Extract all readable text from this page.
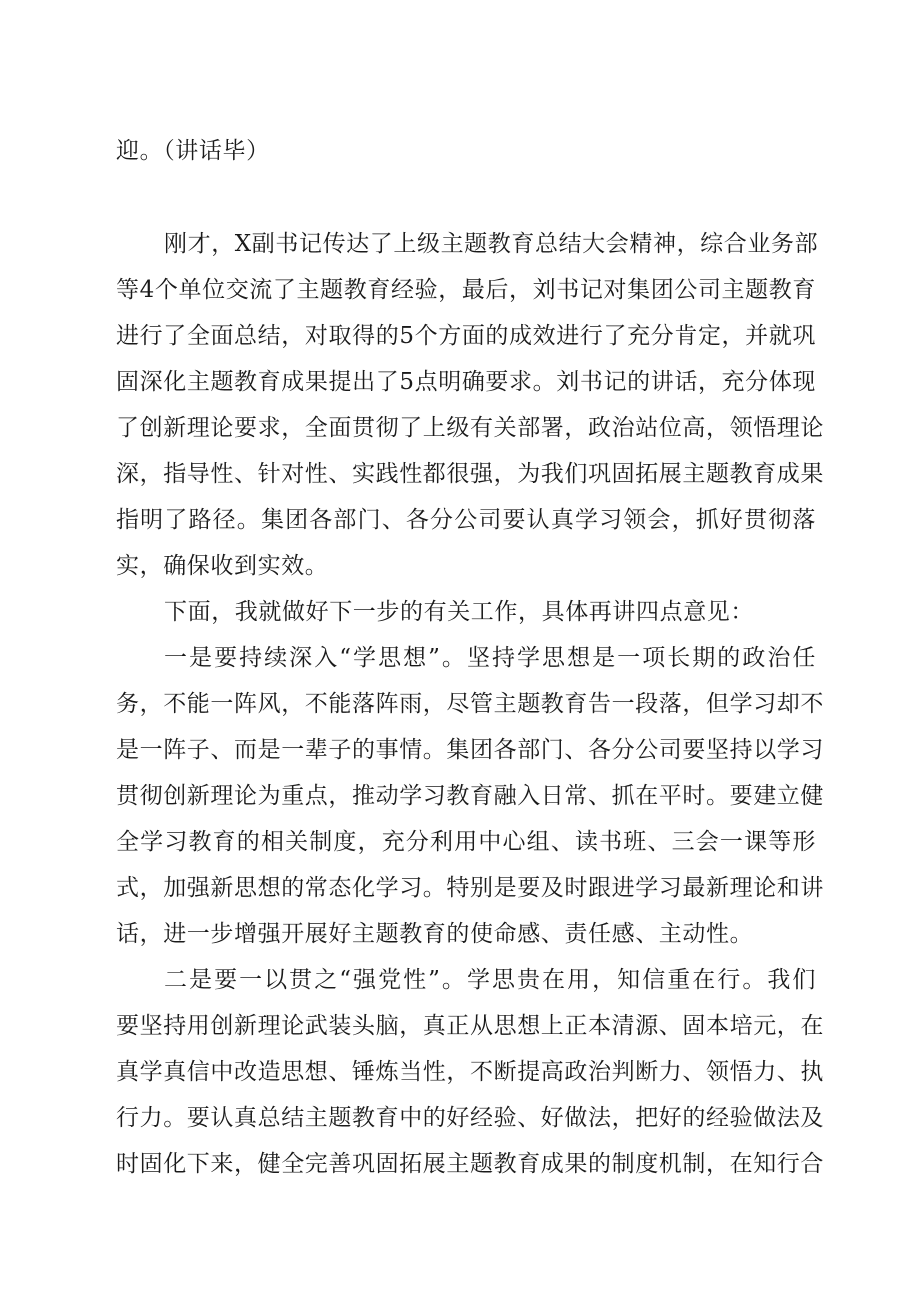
迎。（讲话毕）
刚才，X副书记传达了上级主题教育总结大会精神，综合业务部
等4个单位交流了主题教育经验，最后，刘书记对集团公司主题教育
进行了全面总结，对取得的5个方面的成效进行了充分肯定，并就巩
固深化主题教育成果提出了5点明确要求。刘书记的讲话，充分体现
了创新理论要求，全面贯彻了上级有关部署，政治站位高，领悟理论
深，指导性、针对性、实践性都很强，为我们巩固拓展主题教育成果
指明了路径。集团各部门、各分公司要认真学习领会，抓好贯彻落
实，确保收到实效。
下面，我就做好下一步的有关工作，具体再讲四点意见：
一是要持续深入“学思想”。坚持学思想是一项长期的政治任
务，不能一阵风，不能落阵雨，尽管主题教育告一段落，但学习却不
是一阵子、而是一辈子的事情。集团各部门、各分公司要坚持以学习
贯彻创新理论为重点，推动学习教育融入日常、抓在平时。要建立健
全学习教育的相关制度，充分利用中心组、读书班、三会一课等形
式，加强新思想的常态化学习。特别是要及时跟进学习最新理论和讲
话，进一步增强开展好主题教育的使命感、责任感、主动性。
二是要一以贯之“强党性”。学思贵在用，知信重在行。我们
要坚持用创新理论武装头脑，真正从思想上正本清源、固本培元，在
真学真信中改造思想、锤炼当性，不断提高政治判断力、领悟力、执
行力。要认真总结主题教育中的好经验、好做法，把好的经验做法及
时固化下来，健全完善巩固拓展主题教育成果的制度机制，在知行合
